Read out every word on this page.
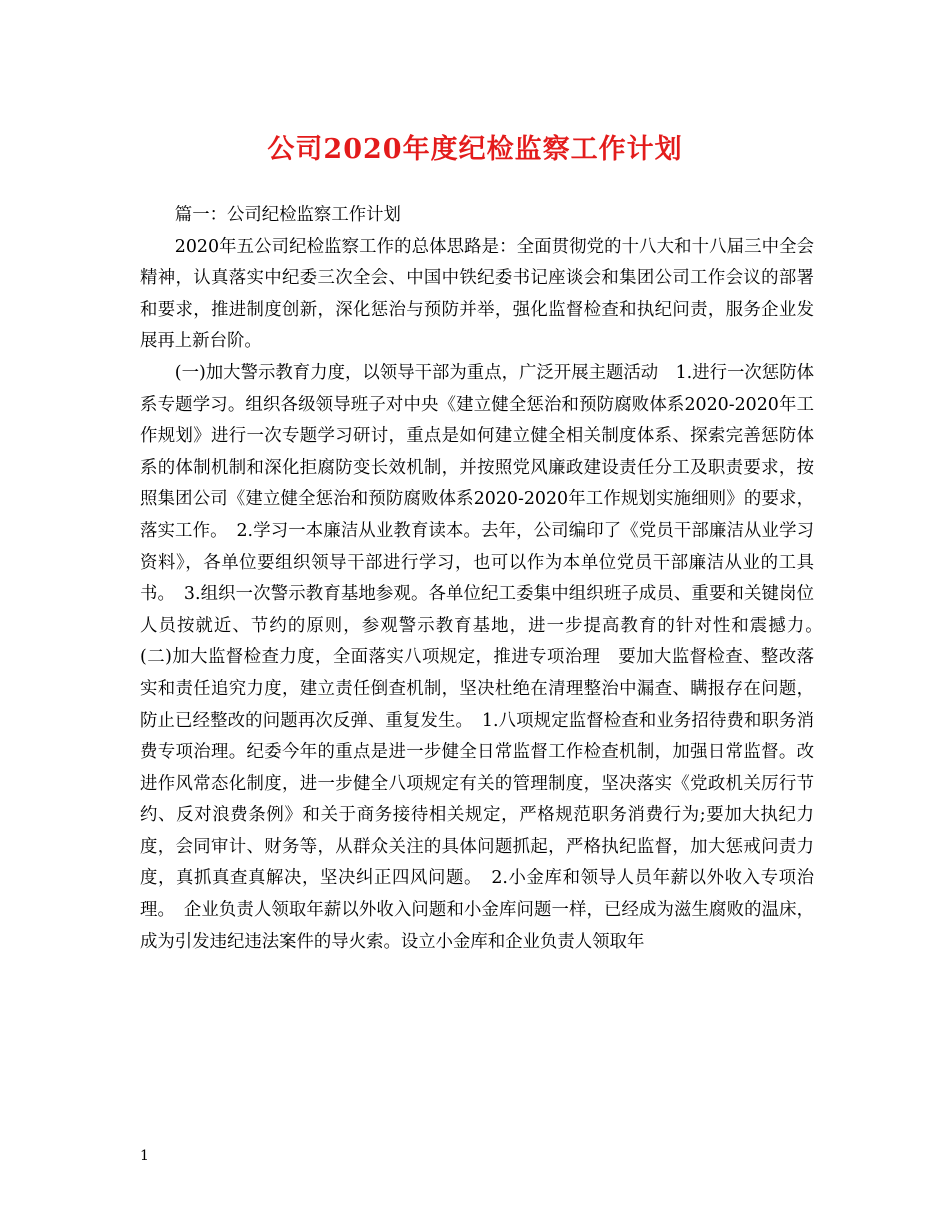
公司2020年度纪检监察工作计划

篇一：公司纪检监察工作计划

2020年五公司纪检监察工作的总体思路是：全面贯彻党的十八大和十八届三中全会精神，认真落实中纪委三次全会、中国中铁纪委书记座谈会和集团公司工作会议的部署和要求，推进制度创新，深化惩治与预防并举，强化监督检查和执纪问责，服务企业发展再上新台阶。

(一)加大警示教育力度，以领导干部为重点，广泛开展主题活动　1.进行一次惩防体系专题学习。组织各级领导班子对中央《建立健全惩治和预防腐败体系2020-2020年工作规划》进行一次专题学习研讨，重点是如何建立健全相关制度体系、探索完善惩防体系的体制机制和深化拒腐防变长效机制，并按照党风廉政建设责任分工及职责要求，按照集团公司《建立健全惩治和预防腐败体系2020-2020年工作规划实施细则》的要求，落实工作。　2.学习一本廉洁从业教育读本。去年，公司编印了《党员干部廉洁从业学习资料》，各单位要组织领导干部进行学习，也可以作为本单位党员干部廉洁从业的工具书。　3.组织一次警示教育基地参观。各单位纪工委集中组织班子成员、重要和关键岗位人员按就近、节约的原则，参观警示教育基地，进一步提高教育的针对性和震撼力。　(二)加大监督检查力度，全面落实八项规定，推进专项治理　要加大监督检查、整改落实和责任追究力度，建立责任倒查机制，坚决杜绝在清理整治中漏查、瞒报存在问题，防止已经整改的问题再次反弹、重复发生。　1.八项规定监督检查和业务招待费和职务消费专项治理。纪委今年的重点是进一步健全日常监督工作检查机制，加强日常监督。改进作风常态化制度，进一步健全八项规定有关的管理制度，坚决落实《党政机关厉行节约、反对浪费条例》和关于商务接待相关规定，严格规范职务消费行为;要加大执纪力度，会同审计、财务等，从群众关注的具体问题抓起，严格执纪监督，加大惩戒问责力度，真抓真查真解决，坚决纠正四风问题。　2.小金库和领导人员年薪以外收入专项治理。　企业负责人领取年薪以外收入问题和小金库问题一样，已经成为滋生腐败的温床，成为引发违纪违法案件的导火索。设立小金库和企业负责人领取年

1
